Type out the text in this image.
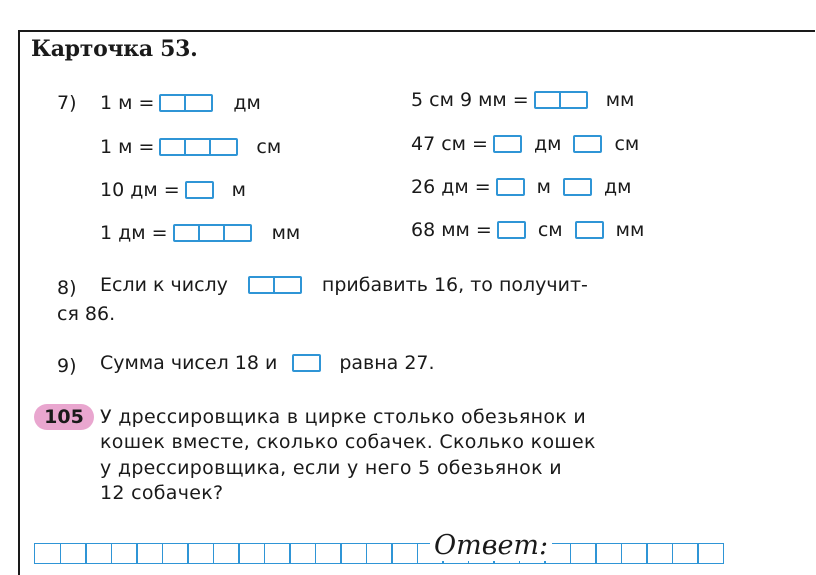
Карточка 53.
7) 1 м =	дм
1 м =	см
10 дм =	м
1 дм =	мм
5 см 9 мм =	мм
47 см = дм	см
26 дм = м	дм
68 мм = см	мм
8) Если к числу	прибавить 16, то получит-
ся 86.
9) Сумма чисел 18 и	равна 27.
105 У дрессировщика в цирке столько обезьянок и
кошек вместе, сколько собачек. Сколько кошек
у дрессировщика, если у него 5 обезьянок и
12 собачек?
Ответ:
